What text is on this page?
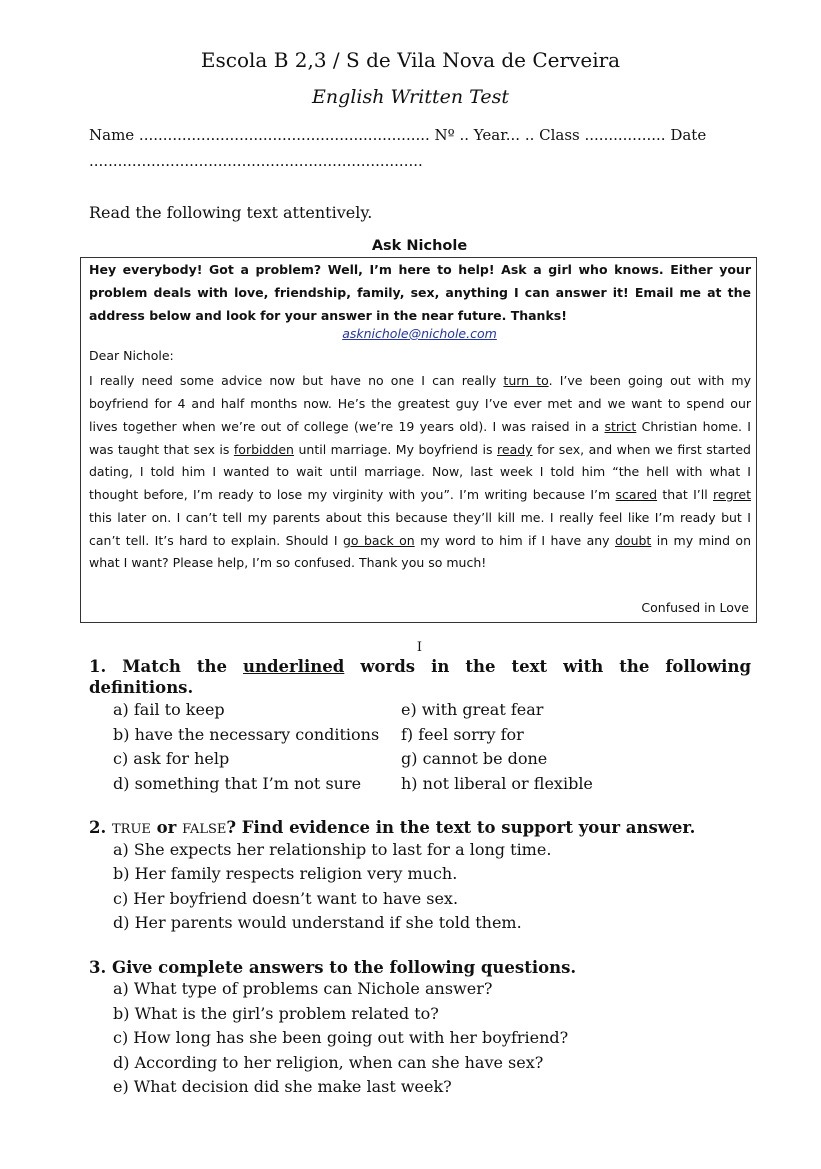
Escola B 2,3 / S de Vila Nova de Cerveira
English Written Test
Name ............................................................. Nº .. Year... .. Class ................. Date
......................................................................
Read the following text attentively.
Ask Nichole
Hey everybody! Got a problem? Well, I’m here to help! Ask a girl who knows. Either your
problem deals with love, friendship, family, sex, anything I can answer it! Email me at the
address below and look for your answer in the near future. Thanks!
asknichole@nichole.com
Dear Nichole:
I really need some advice now but have no one I can really turn to. I’ve been going out with my
boyfriend for 4 and half months now. He’s the greatest guy I’ve ever met and we want to spend our
lives together when we’re out of college (we’re 19 years old). I was raised in a strict Christian home. I
was taught that sex is forbidden until marriage. My boyfriend is ready for sex, and when we first started
dating, I told him I wanted to wait until marriage. Now, last week I told him “the hell with what I
thought before, I’m ready to lose my virginity with you”. I’m writing because I’m scared that I’ll regret
this later on. I can’t tell my parents about this because they’ll kill me. I really feel like I’m ready but I
can’t tell. It’s hard to explain. Should I go back on my word to him if I have any doubt in my mind on
what I want? Please help, I’m so confused. Thank you so much!
Confused in Love
I
1. Match the underlined words in the text with the following
definitions.
a) fail to keep
b) have the necessary conditions
c) ask for help
d) something that I’m not sure
e) with great fear
f) feel sorry for
g) cannot be done
h) not liberal or flexible
2. TRUE or FALSE? Find evidence in the text to support your answer.
a) She expects her relationship to last for a long time.
b) Her family respects religion very much.
c) Her boyfriend doesn’t want to have sex.
d) Her parents would understand if she told them.
3. Give complete answers to the following questions.
a) What type of problems can Nichole answer?
b) What is the girl’s problem related to?
c) How long has she been going out with her boyfriend?
d) According to her religion, when can she have sex?
e) What decision did she make last week?
